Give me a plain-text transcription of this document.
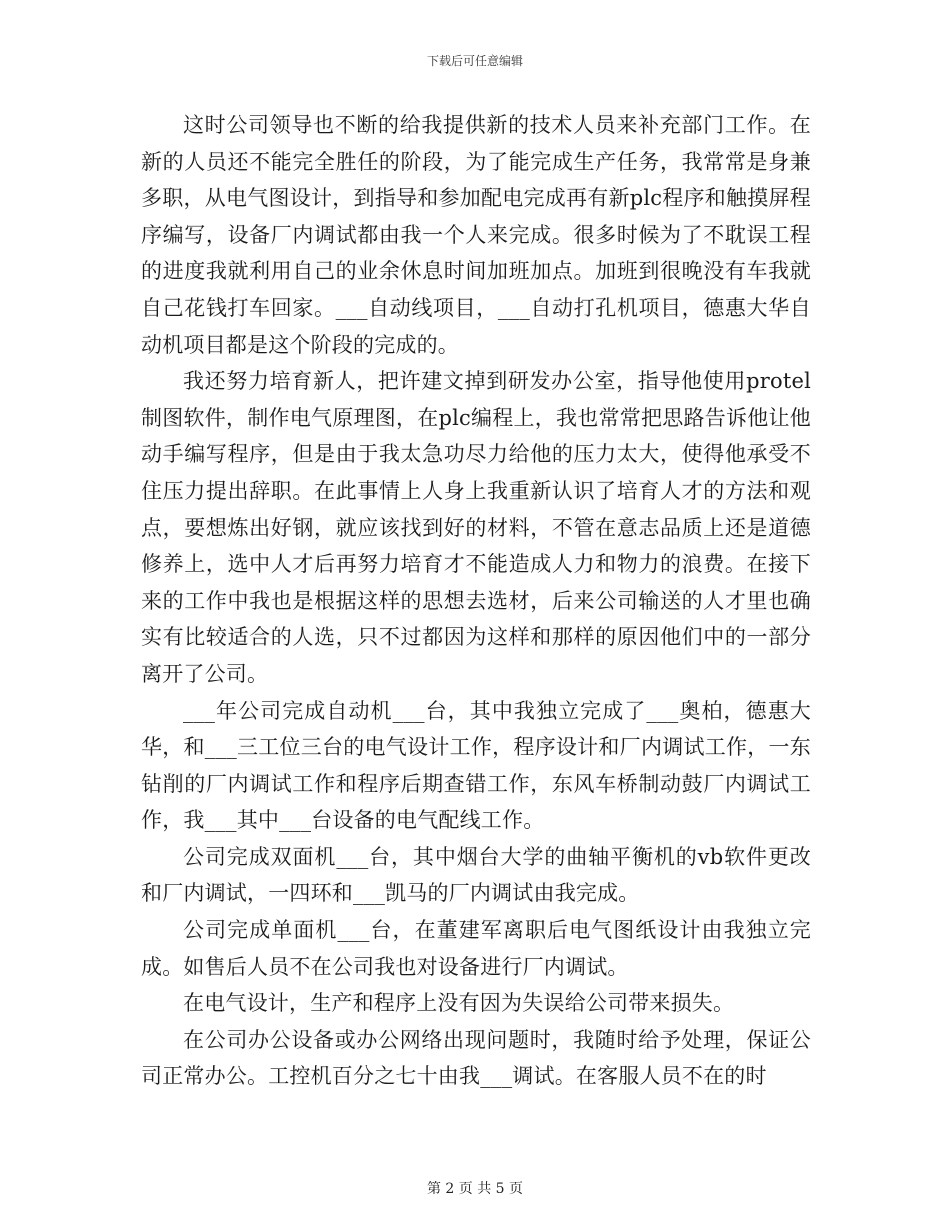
下载后可任意编辑

这时公司领导也不断的给我提供新的技术人员来补充部门工作。在新的人员还不能完全胜任的阶段，为了能完成生产任务，我常常是身兼多职，从电气图设计，到指导和参加配电完成再有新plc程序和触摸屏程序编写，设备厂内调试都由我一个人来完成。很多时候为了不耽误工程的进度我就利用自己的业余休息时间加班加点。加班到很晚没有车我就自己花钱打车回家。___自动线项目，___自动打孔机项目，德惠大华自动机项目都是这个阶段的完成的。

我还努力培育新人，把许建文掉到研发办公室，指导他使用protel制图软件，制作电气原理图，在plc编程上，我也常常把思路告诉他让他动手编写程序，但是由于我太急功尽力给他的压力太大，使得他承受不住压力提出辞职。在此事情上人身上我重新认识了培育人才的方法和观点，要想炼出好钢，就应该找到好的材料，不管在意志品质上还是道德修养上，选中人才后再努力培育才不能造成人力和物力的浪费。在接下来的工作中我也是根据这样的思想去选材，后来公司输送的人才里也确实有比较适合的人选，只不过都因为这样和那样的原因他们中的一部分离开了公司。

___年公司完成自动机___台，其中我独立完成了___奥柏，德惠大华，和___三工位三台的电气设计工作，程序设计和厂内调试工作，一东钻削的厂内调试工作和程序后期查错工作，东风车桥制动鼓厂内调试工作，我___其中___台设备的电气配线工作。

公司完成双面机___台，其中烟台大学的曲轴平衡机的vb软件更改和厂内调试，一四环和___凯马的厂内调试由我完成。

公司完成单面机___台，在董建军离职后电气图纸设计由我独立完成。如售后人员不在公司我也对设备进行厂内调试。

在电气设计，生产和程序上没有因为失误给公司带来损失。

在公司办公设备或办公网络出现问题时，我随时给予处理，保证公司正常办公。工控机百分之七十由我___调试。在客服人员不在的时

第 2 页 共 5 页
